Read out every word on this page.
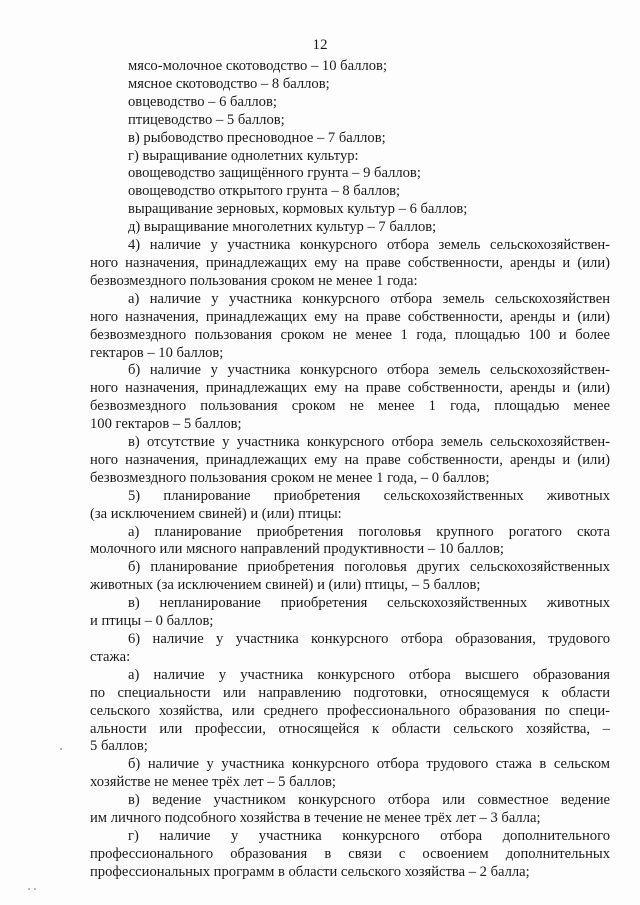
12
мясо-молочное скотоводство – 10 баллов;
мясное скотоводство – 8 баллов;
овцеводство – 6 баллов;
птицеводство – 5 баллов;
в) рыбоводство пресноводное – 7 баллов;
г) выращивание однолетних культур:
овощеводство защищённого грунта – 9 баллов;
овощеводство открытого грунта – 8 баллов;
выращивание зерновых, кормовых культур – 6 баллов;
д) выращивание многолетних культур – 7 баллов;
4) наличие у участника конкурсного отбора земель сельскохозяйствен-
ного назначения, принадлежащих ему на праве собственности, аренды и (или)
безвозмездного пользования сроком не менее 1 года:
а) наличие у участника конкурсного отбора земель сельскохозяйствен
ного назначения, принадлежащих ему на праве собственности, аренды и (или)
безвозмездного пользования сроком не менее 1 года, площадью 100 и более
гектаров – 10 баллов;
б) наличие у участника конкурсного отбора земель сельскохозяйствен-
ного назначения, принадлежащих ему на праве собственности, аренды и (или)
безвозмездного пользования сроком не менее 1 года, площадью менее
100 гектаров – 5 баллов;
в) отсутствие у участника конкурсного отбора земель сельскохозяйствен-
ного назначения, принадлежащих ему на праве собственности, аренды и (или)
безвозмездного пользования сроком не менее 1 года, – 0 баллов;
5) планирование приобретения сельскохозяйственных животных
(за исключением свиней) и (или) птицы:
а) планирование приобретения поголовья крупного рогатого скота
молочного или мясного направлений продуктивности – 10 баллов;
б) планирование приобретения поголовья других сельскохозяйственных
животных (за исключением свиней) и (или) птицы, – 5 баллов;
в) непланирование приобретения сельскохозяйственных животных
и птицы – 0 баллов;
6) наличие у участника конкурсного отбора образования, трудового
стажа:
а) наличие у участника конкурсного отбора высшего образования
по специальности или направлению подготовки, относящемуся к области
сельского хозяйства, или среднего профессионального образования по специ-
альности или профессии, относящейся к области сельского хозяйства, –
5 баллов;
б) наличие у участника конкурсного отбора трудового стажа в сельском
хозяйстве не менее трёх лет – 5 баллов;
в) ведение участником конкурсного отбора или совместное ведение
им личного подсобного хозяйства в течение не менее трёх лет – 3 балла;
г) наличие у участника конкурсного отбора дополнительного
профессионального образования в связи с освоением дополнительных
профессиональных программ в области сельского хозяйства – 2 балла;
